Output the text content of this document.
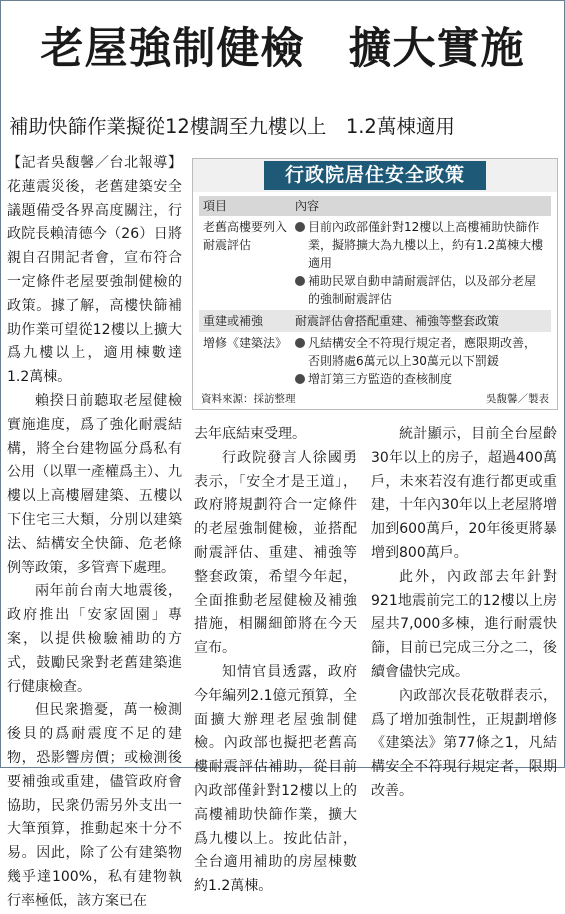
老屋強制健檢　擴大實施
補助快篩作業擬從12樓調至九樓以上　1.2萬棟適用

【記者吳馥馨／台北報導】花蓮震災後，老舊建築安全議題備受各界高度關注，行政院長賴清德今（26）日將親自召開記者會，宣布符合一定條件老屋要強制健檢的政策。據了解，高樓快篩補助作業可望從12樓以上擴大爲九樓以上，適用棟數達1.2萬棟。

賴揆日前聽取老屋健檢實施進度，爲了強化耐震結構，將全台建物區分爲私有公用（以單一產權爲主）、九樓以上高樓層建築、五樓以下住宅三大類，分別以建築法、結構安全快篩、危老條例等政策，多管齊下處理。

兩年前台南大地震後，政府推出「安家固園」專案，以提供檢驗補助的方式，鼓勵民衆對老舊建築進行健康檢查。

但民衆擔憂，萬一檢測後貝的爲耐震度不足的建物，恐影響房價；或檢測後要補強或重建，儘管政府會協助，民衆仍需另外支出一大筆預算，推動起來十分不易。因此，除了公有建築物幾乎達100%，私有建物執行率極低，該方案已在

行政院居住安全政策
項目	內容
老舊高樓要列入耐震評估	目前內政部僅針對12樓以上高樓補助快篩作業，擬將擴大為九樓以上，約有1.2萬棟大樓適用
補助民眾自動申請耐震評估，以及部分老屋的強制耐震評估

重建或補強	耐震評估會搭配重建、補強等整套政策
增修《建築法》	凡結構安全不符現行規定者，應限期改善，否則將處6萬元以上30萬元以下罰鍰
增訂第三方監造的查核制度
資料來源：採訪整理	吳馥馨／製表

去年底結束受理。

行政院發言人徐國勇表示，「安全才是王道」，政府將規劃符合一定條件的老屋強制健檢，並搭配耐震評估、重建、補強等整套政策，希望今年起，全面推動老屋健檢及補強措施，相關細節將在今天宣布。

知情官員透露，政府今年編列2.1億元預算，全面擴大辦理老屋強制健檢。內政部也擬把老舊高樓耐震評估補助，從目前內政部僅針對12樓以上的高樓補助快篩作業，擴大爲九樓以上。按此估計，全台適用補助的房屋棟數約1.2萬棟。

統計顯示，目前全台屋齡30年以上的房子，超過400萬戶，未來若沒有進行都更或重建，十年內30年以上老屋將增加到600萬戶，20年後更將暴增到800萬戶。

此外，內政部去年針對921地震前完工的12樓以上房屋共7,000多棟，進行耐震快篩，目前已完成三分之二，後續會儘快完成。

內政部次長花敬群表示，爲了增加強制性，正規劃增修《建築法》第77條之1，凡結構安全不符現行規定者，限期改善。
